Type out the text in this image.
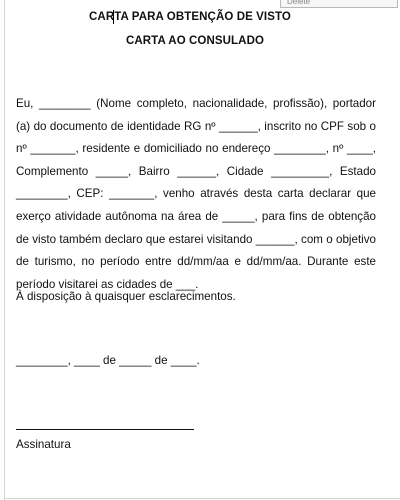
Delete
CARTA PARA OBTENÇÃO DE VISTO
CARTA AO CONSULADO
Eu, ________ (Nome completo, nacionalidade, profissão), portador (a) do documento de identidade RG nº ______, inscrito no CPF sob o nº _______, residente e domiciliado no endereço ________, nº ____, Complemento _____, Bairro ______, Cidade _________, Estado ________, CEP: _______, venho através desta carta declarar que exerço atividade autônoma na área de _____, para fins de obtenção de visto também declaro que estarei visitando ______, com o objetivo de turismo, no período entre dd/mm/aa e dd/mm/aa. Durante este período visitarei as cidades de ___.
À disposição à quaisquer esclarecimentos.
________, ____ de _____ de ____.
Assinatura
